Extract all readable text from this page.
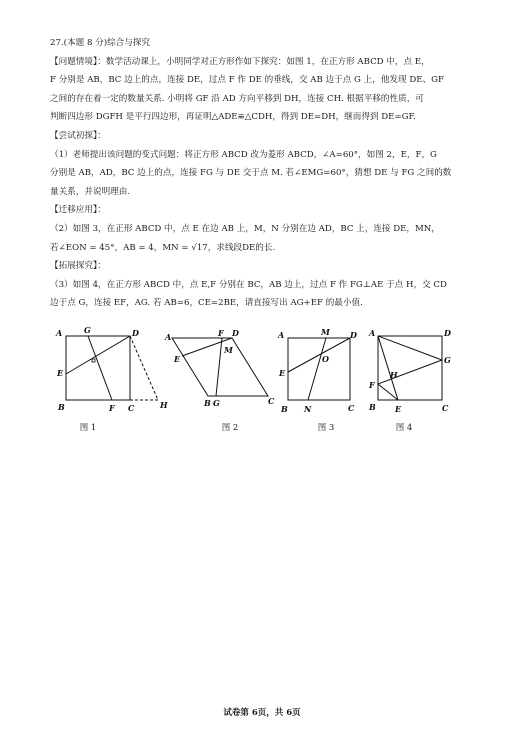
27.(本题 8 分)综合与探究
【问题情境】：数学活动课上，小明同学对正方形作如下探究：如图 1，在正方形 ABCD 中，点 E，
F 分别是 AB，BC 边上的点，连接 DE，过点 F 作 DE 的垂线，交 AB 边于点 G 上，他发现 DE、GF
之间的存在着一定的数量关系. 小明将 GF 沿 AD 方向平移到 DH，连接 CH. 根据平移的性质，可
判断四边形 DGFH 是平行四边形，再证明△ADE≌△CDH，得到 DE=DH，继而得到 DE=GF.
【尝试初探】：
（1）老师提出该问题的变式问题：将正方形 ABCD 改为菱形 ABCD，∠A=60°，如图 2，E，F，G
分别是 AB，AD，BC 边上的点，连接 FG 与 DE 交于点 M. 若∠EMG=60°，猜想 DE 与 FG 之间的数
量关系，并说明理由.
【迁移应用】：
（2）如图 3，在正形 ABCD 中，点 E 在边 AB 上，M，N 分别在边 AD，BC 上，连接 DE，MN，
若∠EON = 45°，AB = 4，MN = √17，求线段DE的长.
【拓展探究】：
（3）如图 4，在正方形 ABCD 中，点 E,F 分别在 BC，AB 边上，过点 F 作 FG⊥AE 于点 H，交 CD
边于点 G，连接 EF，AG. 若 AB=6，CE=2BE，请直接写出 AG+EF 的最小值.
A	G	D
E
B	F C	H
图 1
A	F D
M
E
B G	C
图 2
M	D
A
O
E
B N	C
图 3
A	D
G
H
F
B E	C
图 4
试卷第 6页，共 6页
